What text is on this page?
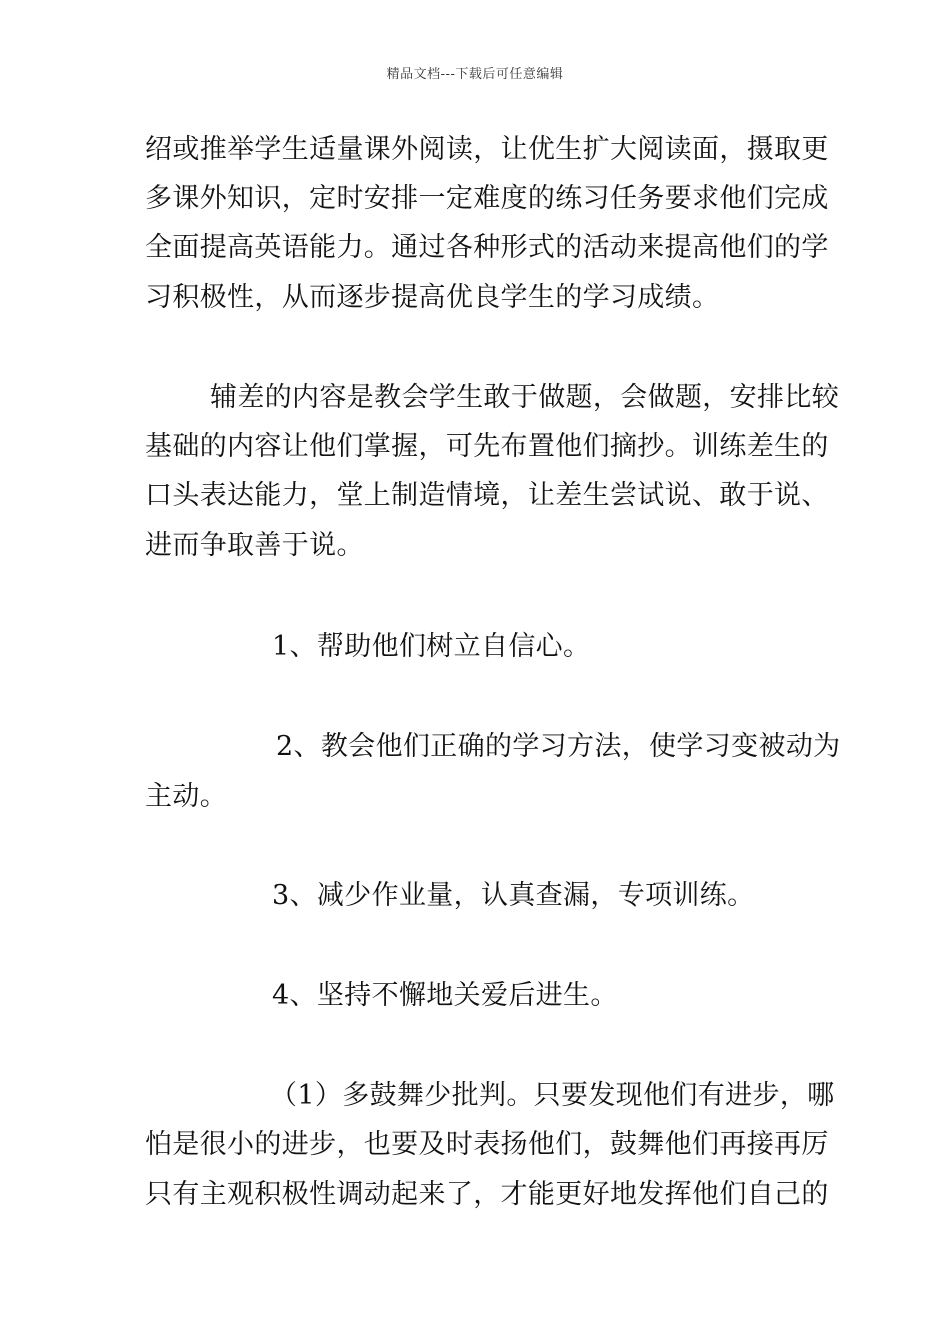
精品文档---下载后可任意编辑
绍或推举学生适量课外阅读，让优生扩大阅读面，摄取更
多课外知识，定时安排一定难度的练习任务要求他们完成
全面提高英语能力。通过各种形式的活动来提高他们的学
习积极性，从而逐步提高优良学生的学习成绩。
辅差的内容是教会学生敢于做题，会做题，安排比较
基础的内容让他们掌握，可先布置他们摘抄。训练差生的
口头表达能力，堂上制造情境，让差生尝试说、敢于说、
进而争取善于说。
1、帮助他们树立自信心。
2、教会他们正确的学习方法，使学习变被动为
主动。
3、减少作业量，认真查漏，专项训练。
4、坚持不懈地关爱后进生。
（1）多鼓舞少批判。只要发现他们有进步，哪
怕是很小的进步，也要及时表扬他们，鼓舞他们再接再厉
只有主观积极性调动起来了，才能更好地发挥他们自己的
